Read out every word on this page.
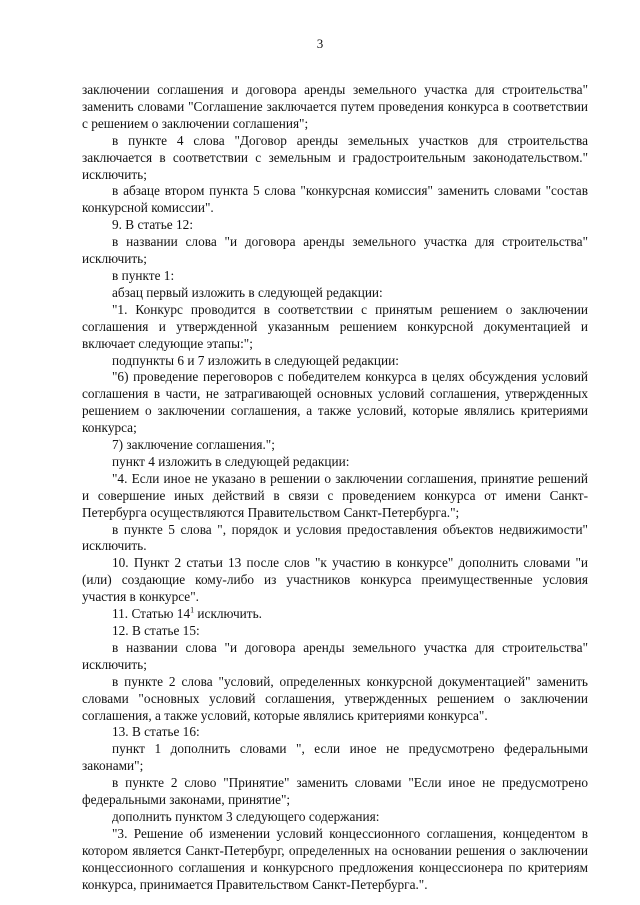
3

заключении соглашения и договора аренды земельного участка для строительства" заменить словами "Соглашение заключается путем проведения конкурса в соответствии с решением о заключении соглашения";

в пункте 4 слова "Договор аренды земельных участков для строительства заключается в соответствии с земельным и градостроительным законодательством." исключить;

в абзаце втором пункта 5 слова "конкурсная комиссия" заменить словами "состав конкурсной комиссии".

9. В статье 12:

в названии слова "и договора аренды земельного участка для строительства" исключить;

в пункте 1:

абзац первый изложить в следующей редакции:

"1. Конкурс проводится в соответствии с принятым решением о заключении соглашения и утвержденной указанным решением конкурсной документацией и включает следующие этапы:";

подпункты 6 и 7 изложить в следующей редакции:

"6) проведение переговоров с победителем конкурса в целях обсуждения условий соглашения в части, не затрагивающей основных условий соглашения, утвержденных решением о заключении соглашения, а также условий, которые являлись критериями конкурса;

7) заключение соглашения.";

пункт 4 изложить в следующей редакции:

"4. Если иное не указано в решении о заключении соглашения, принятие решений и совершение иных действий в связи с проведением конкурса от имени Санкт-Петербурга осуществляются Правительством Санкт-Петербурга.";

в пункте 5 слова ", порядок и условия предоставления объектов недвижимости" исключить.

10. Пункт 2 статьи 13 после слов "к участию в конкурсе" дополнить словами "и (или) создающие кому-либо из участников конкурса преимущественные условия участия в конкурсе".

11. Статью $14^1$ исключить.

12. В статье 15:

в названии слова "и договора аренды земельного участка для строительства" исключить;

в пункте 2 слова "условий, определенных конкурсной документацией" заменить словами "основных условий соглашения, утвержденных решением о заключении соглашения, а также условий, которые являлись критериями конкурса".

13. В статье 16:

пункт 1 дополнить словами ", если иное не предусмотрено федеральными законами";

в пункте 2 слово "Принятие" заменить словами "Если иное не предусмотрено федеральными законами, принятие";

дополнить пунктом 3 следующего содержания:

"3. Решение об изменении условий концессионного соглашения, концедентом в котором является Санкт-Петербург, определенных на основании решения о заключении концессионного соглашения и конкурсного предложения концессионера по критериям конкурса, принимается Правительством Санкт-Петербурга.".
